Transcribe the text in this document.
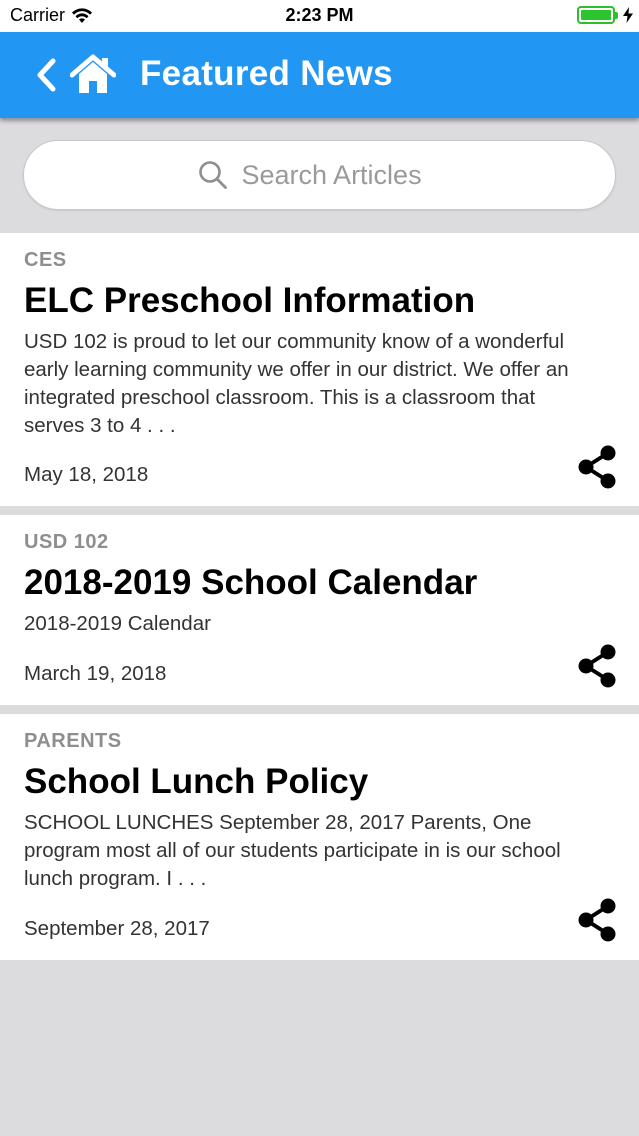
Carrier	2:23 PM
Featured News
Search Articles
CES
ELC Preschool Information
USD 102 is proud to let our community know of a wonderful
early learning community we offer in our district. We offer an
integrated preschool classroom. This is a classroom that
serves 3 to 4 . . .
May 18, 2018
USD 102
2018-2019 School Calendar
2018-2019 Calendar
March 19, 2018
PARENTS
School Lunch Policy
SCHOOL LUNCHES September 28, 2017 Parents, One
program most all of our students participate in is our school
lunch program. I . . .
September 28, 2017
